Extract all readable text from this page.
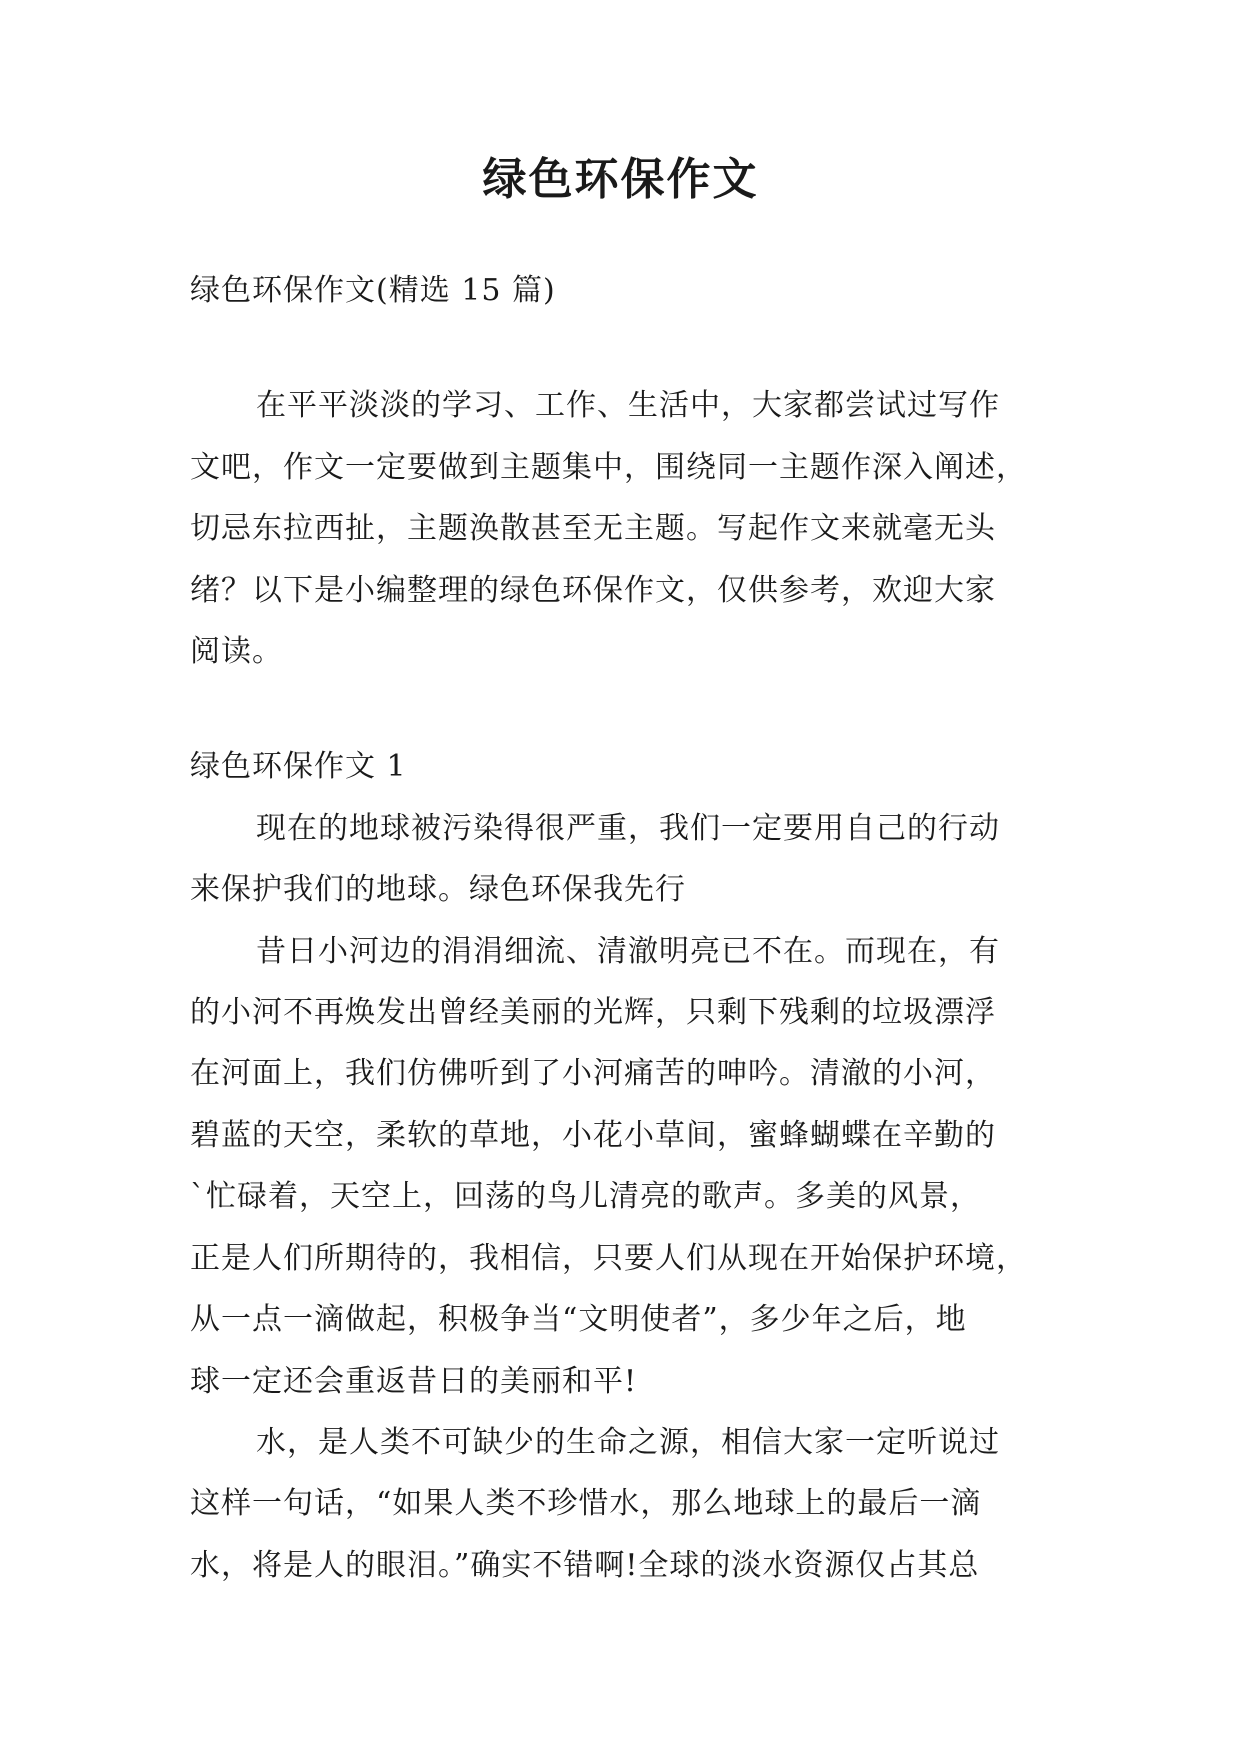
绿色环保作文

绿色环保作文(精选 15 篇)

在平平淡淡的学习、工作、生活中，大家都尝试过写作

文吧，作文一定要做到主题集中，围绕同一主题作深入阐述，

切忌东拉西扯，主题涣散甚至无主题。写起作文来就毫无头

绪？以下是小编整理的绿色环保作文，仅供参考，欢迎大家

阅读。

绿色环保作文 1

现在的地球被污染得很严重，我们一定要用自己的行动

来保护我们的地球。绿色环保我先行

昔日小河边的涓涓细流、清澈明亮已不在。而现在，有

的小河不再焕发出曾经美丽的光辉，只剩下残剩的垃圾漂浮

在河面上，我们仿佛听到了小河痛苦的呻吟。清澈的小河，

碧蓝的天空，柔软的草地，小花小草间，蜜蜂蝴蝶在辛勤的

`忙碌着，天空上，回荡的鸟儿清亮的歌声。多美的风景，

正是人们所期待的，我相信，只要人们从现在开始保护环境，

从一点一滴做起，积极争当“文明使者”，多少年之后，地

球一定还会重返昔日的美丽和平!

水，是人类不可缺少的生命之源，相信大家一定听说过

这样一句话，“如果人类不珍惜水，那么地球上的最后一滴

水，将是人的眼泪。”确实不错啊!全球的淡水资源仅占其总
